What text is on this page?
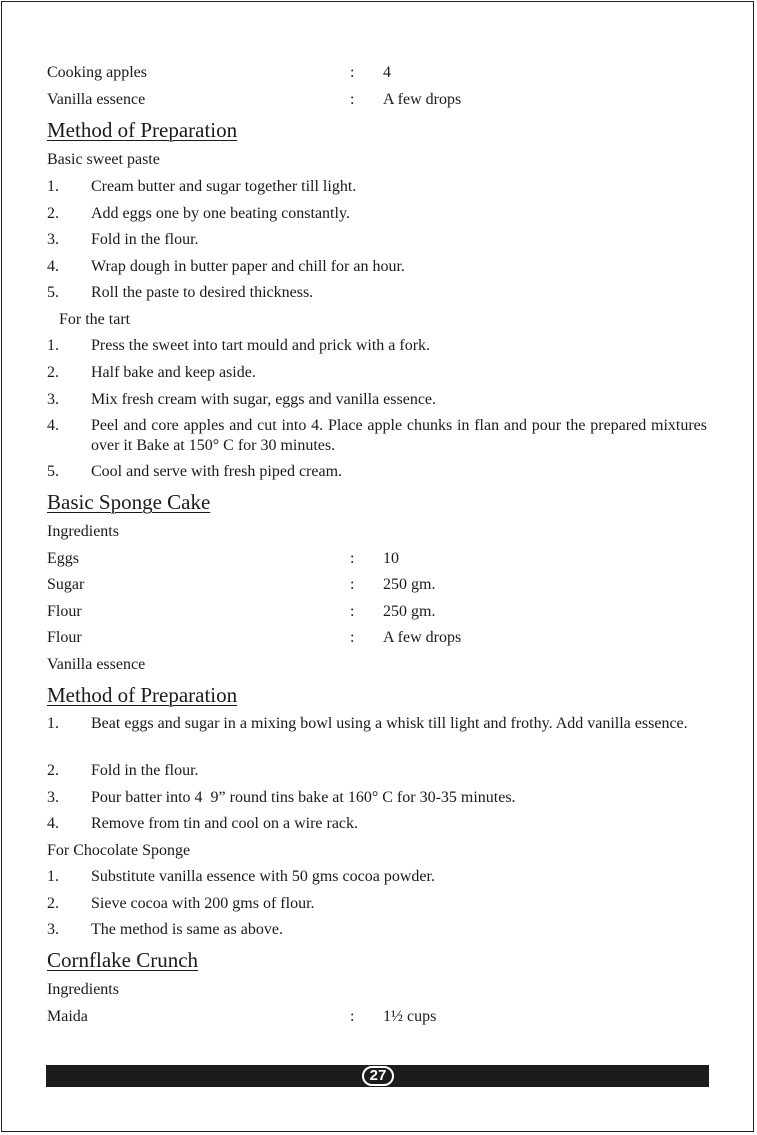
Cooking apples	: 4
Vanilla essence	: A few drops
Method of Preparation
Basic sweet paste
1. Cream butter and sugar together till light.
2. Add eggs one by one beating constantly.
3. Fold in the flour.
4. Wrap dough in butter paper and chill for an hour.
5. Roll the paste to desired thickness.
For the tart
1. Press the sweet into tart mould and prick with a fork.
2. Half bake and keep aside.
3. Mix fresh cream with sugar, eggs and vanilla essence.
4. Peel and core apples and cut into 4. Place apple chunks in flan and pour the prepared mixtures over it Bake at 150° C for 30 minutes.
5. Cool and serve with fresh piped cream.
Basic Sponge Cake
Ingredients
Eggs	: 10
Sugar	: 250 gm.
Flour	: 250 gm.
Flour	: A few drops
Vanilla essence
Method of Preparation
1. Beat eggs and sugar in a mixing bowl using a whisk till light and frothy. Add vanilla essence.
2. Fold in the flour.
3. Pour batter into 4  9” round tins bake at 160° C for 30-35 minutes.
4. Remove from tin and cool on a wire rack.
For Chocolate Sponge
1. Substitute vanilla essence with 50 gms cocoa powder.
2. Sieve cocoa with 200 gms of flour.
3. The method is same as above.
Cornflake Crunch
Ingredients
Maida	: 1½ cups
27
